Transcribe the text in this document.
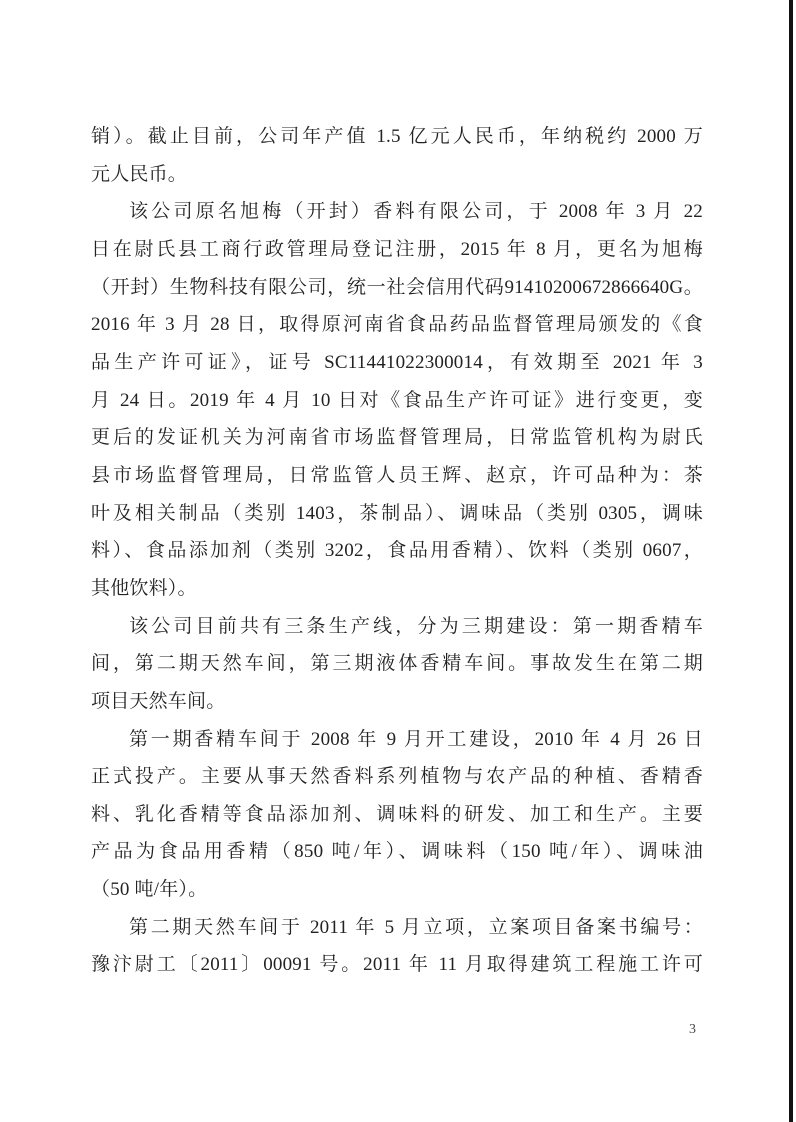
销）。截止目前，公司年产值 1.5 亿元人民币，年纳税约 2000 万
元人民币。
该公司原名旭梅（开封）香料有限公司，于 2008 年 3 月 22
日在尉氏县工商行政管理局登记注册，2015 年 8 月，更名为旭梅
（开封）生物科技有限公司，统一社会信用代码91410200672866640G。
2016 年 3 月 28 日，取得原河南省食品药品监督管理局颁发的《食
品生产许可证》，证号 SC11441022300014，有效期至 2021 年 3
月 24 日。2019 年 4 月 10 日对《食品生产许可证》进行变更，变
更后的发证机关为河南省市场监督管理局，日常监管机构为尉氏
县市场监督管理局，日常监管人员王辉、赵京，许可品种为：茶
叶及相关制品（类别 1403，茶制品）、调味品（类别 0305，调味
料）、食品添加剂（类别 3202，食品用香精）、饮料（类别 0607，
其他饮料）。
该公司目前共有三条生产线，分为三期建设：第一期香精车
间，第二期天然车间，第三期液体香精车间。事故发生在第二期
项目天然车间。
第一期香精车间于 2008 年 9 月开工建设，2010 年 4 月 26 日
正式投产。主要从事天然香料系列植物与农产品的种植、香精香
料、乳化香精等食品添加剂、调味料的研发、加工和生产。主要
产品为食品用香精（850 吨/年）、调味料（150 吨/年）、调味油
（50 吨/年）。
第二期天然车间于 2011 年 5 月立项，立案项目备案书编号：
豫汴尉工〔2011〕00091 号。2011 年 11 月取得建筑工程施工许可
3
